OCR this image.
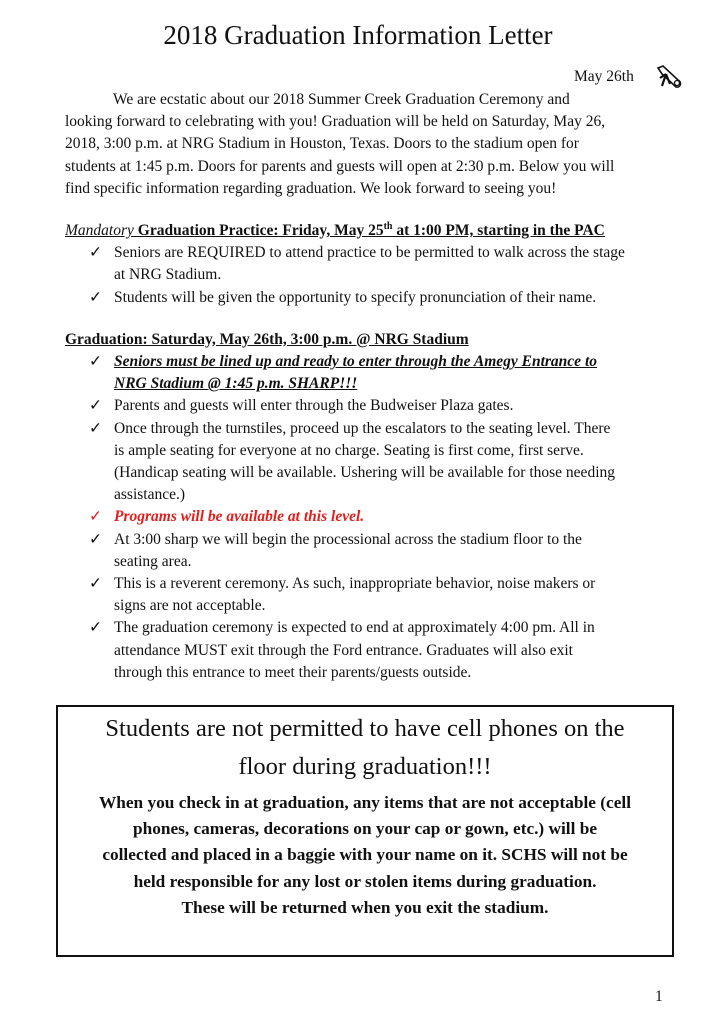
2018 Graduation Information Letter
May 26th
We are ecstatic about our 2018 Summer Creek Graduation Ceremony and
looking forward to celebrating with you! Graduation will be held on Saturday, May 26,
2018, 3:00 p.m. at NRG Stadium in Houston, Texas. Doors to the stadium open for
students at 1:45 p.m. Doors for parents and guests will open at 2:30 p.m. Below you will
find specific information regarding graduation. We look forward to seeing you!
Mandatory Graduation Practice: Friday, May 25th at 1:00 PM, starting in the PAC
✓ Seniors are REQUIRED to attend practice to be permitted to walk across the stage
at NRG Stadium.
✓ Students will be given the opportunity to specify pronunciation of their name.
Graduation: Saturday, May 26th, 3:00 p.m. @ NRG Stadium
✓ Seniors must be lined up and ready to enter through the Amegy Entrance to
NRG Stadium @ 1:45 p.m. SHARP!!!
✓ Parents and guests will enter through the Budweiser Plaza gates.
✓ Once through the turnstiles, proceed up the escalators to the seating level. There
is ample seating for everyone at no charge. Seating is first come, first serve.
(Handicap seating will be available. Ushering will be available for those needing
assistance.)
✓ Programs will be available at this level.
✓ At 3:00 sharp we will begin the processional across the stadium floor to the
seating area.
✓ This is a reverent ceremony. As such, inappropriate behavior, noise makers or
signs are not acceptable.
✓ The graduation ceremony is expected to end at approximately 4:00 pm. All in
attendance MUST exit through the Ford entrance. Graduates will also exit
through this entrance to meet their parents/guests outside.
Students are not permitted to have cell phones on the
floor during graduation!!!
When you check in at graduation, any items that are not acceptable (cell
phones, cameras, decorations on your cap or gown, etc.) will be
collected and placed in a baggie with your name on it. SCHS will not be
held responsible for any lost or stolen items during graduation.
These will be returned when you exit the stadium.
1
